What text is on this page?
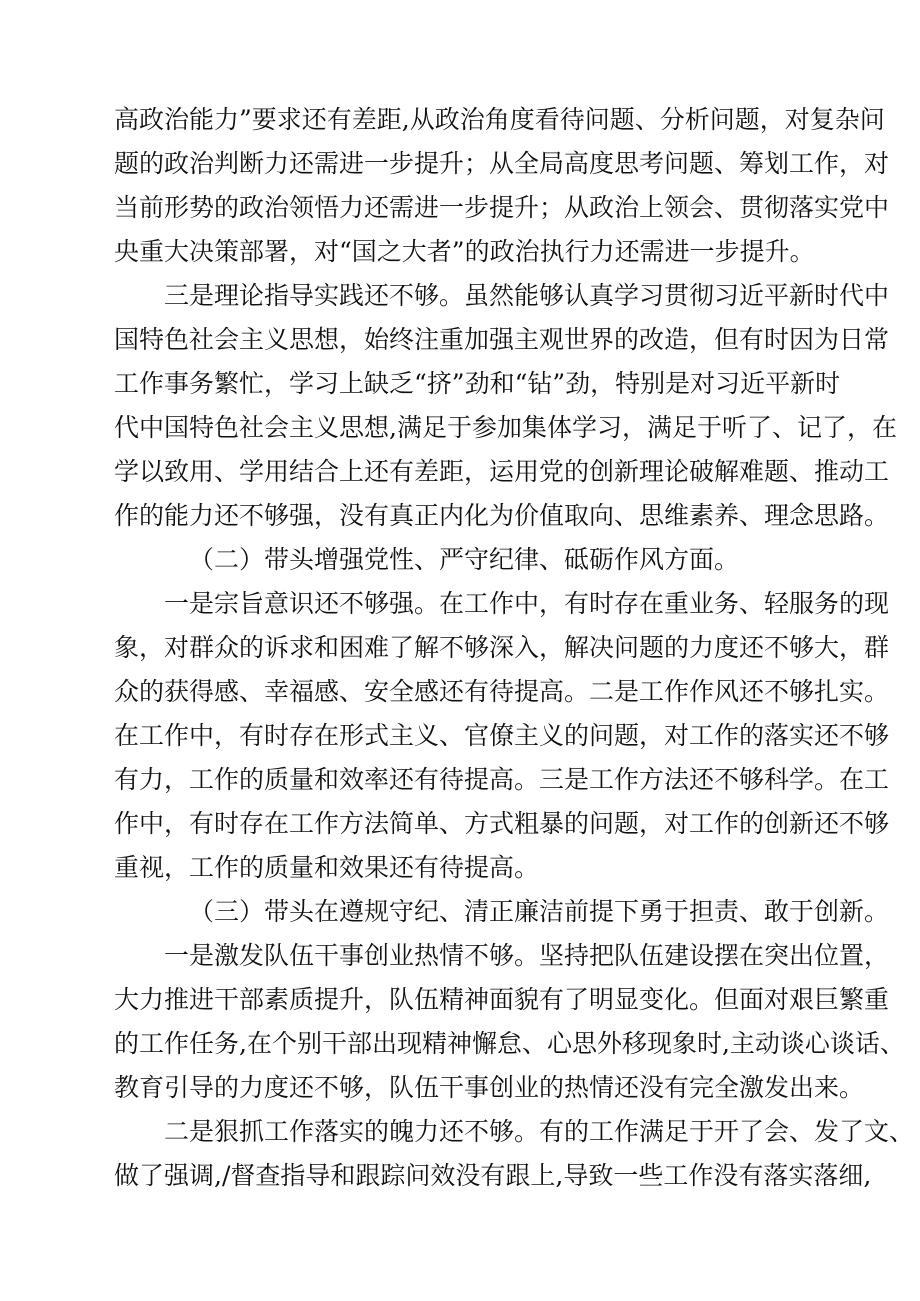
高政治能力”要求还有差距,从政治角度看待问题、分析问题，对复杂问
题的政治判断力还需进一步提升；从全局高度思考问题、筹划工作，对
当前形势的政治领悟力还需进一步提升；从政治上领会、贯彻落实党中
央重大决策部署，对“国之大者”的政治执行力还需进一步提升。
三是理论指导实践还不够。虽然能够认真学习贯彻习近平新时代中
国特色社会主义思想，始终注重加强主观世界的改造，但有时因为日常
工作事务繁忙，学习上缺乏“挤”劲和“钻”劲，特别是对习近平新时
代中国特色社会主义思想,满足于参加集体学习，满足于听了、记了，在
学以致用、学用结合上还有差距，运用党的创新理论破解难题、推动工
作的能力还不够强，没有真正内化为价值取向、思维素养、理念思路。
（二）带头增强党性、严守纪律、砥砺作风方面。
一是宗旨意识还不够强。在工作中，有时存在重业务、轻服务的现
象，对群众的诉求和困难了解不够深入，解决问题的力度还不够大，群
众的获得感、幸福感、安全感还有待提高。二是工作作风还不够扎实。
在工作中，有时存在形式主义、官僚主义的问题，对工作的落实还不够
有力，工作的质量和效率还有待提高。三是工作方法还不够科学。在工
作中，有时存在工作方法简单、方式粗暴的问题，对工作的创新还不够
重视，工作的质量和效果还有待提高。
（三）带头在遵规守纪、清正廉洁前提下勇于担责、敢于创新。
一是激发队伍干事创业热情不够。坚持把队伍建设摆在突出位置，
大力推进干部素质提升，队伍精神面貌有了明显变化。但面对艰巨繁重
的工作任务,在个别干部出现精神懈怠、心思外移现象时,主动谈心谈话、
教育引导的力度还不够，队伍干事创业的热情还没有完全激发出来。
二是狠抓工作落实的魄力还不够。有的工作满足于开了会、发了文、
做了强调,/督查指导和跟踪问效没有跟上,导致一些工作没有落实落细,
